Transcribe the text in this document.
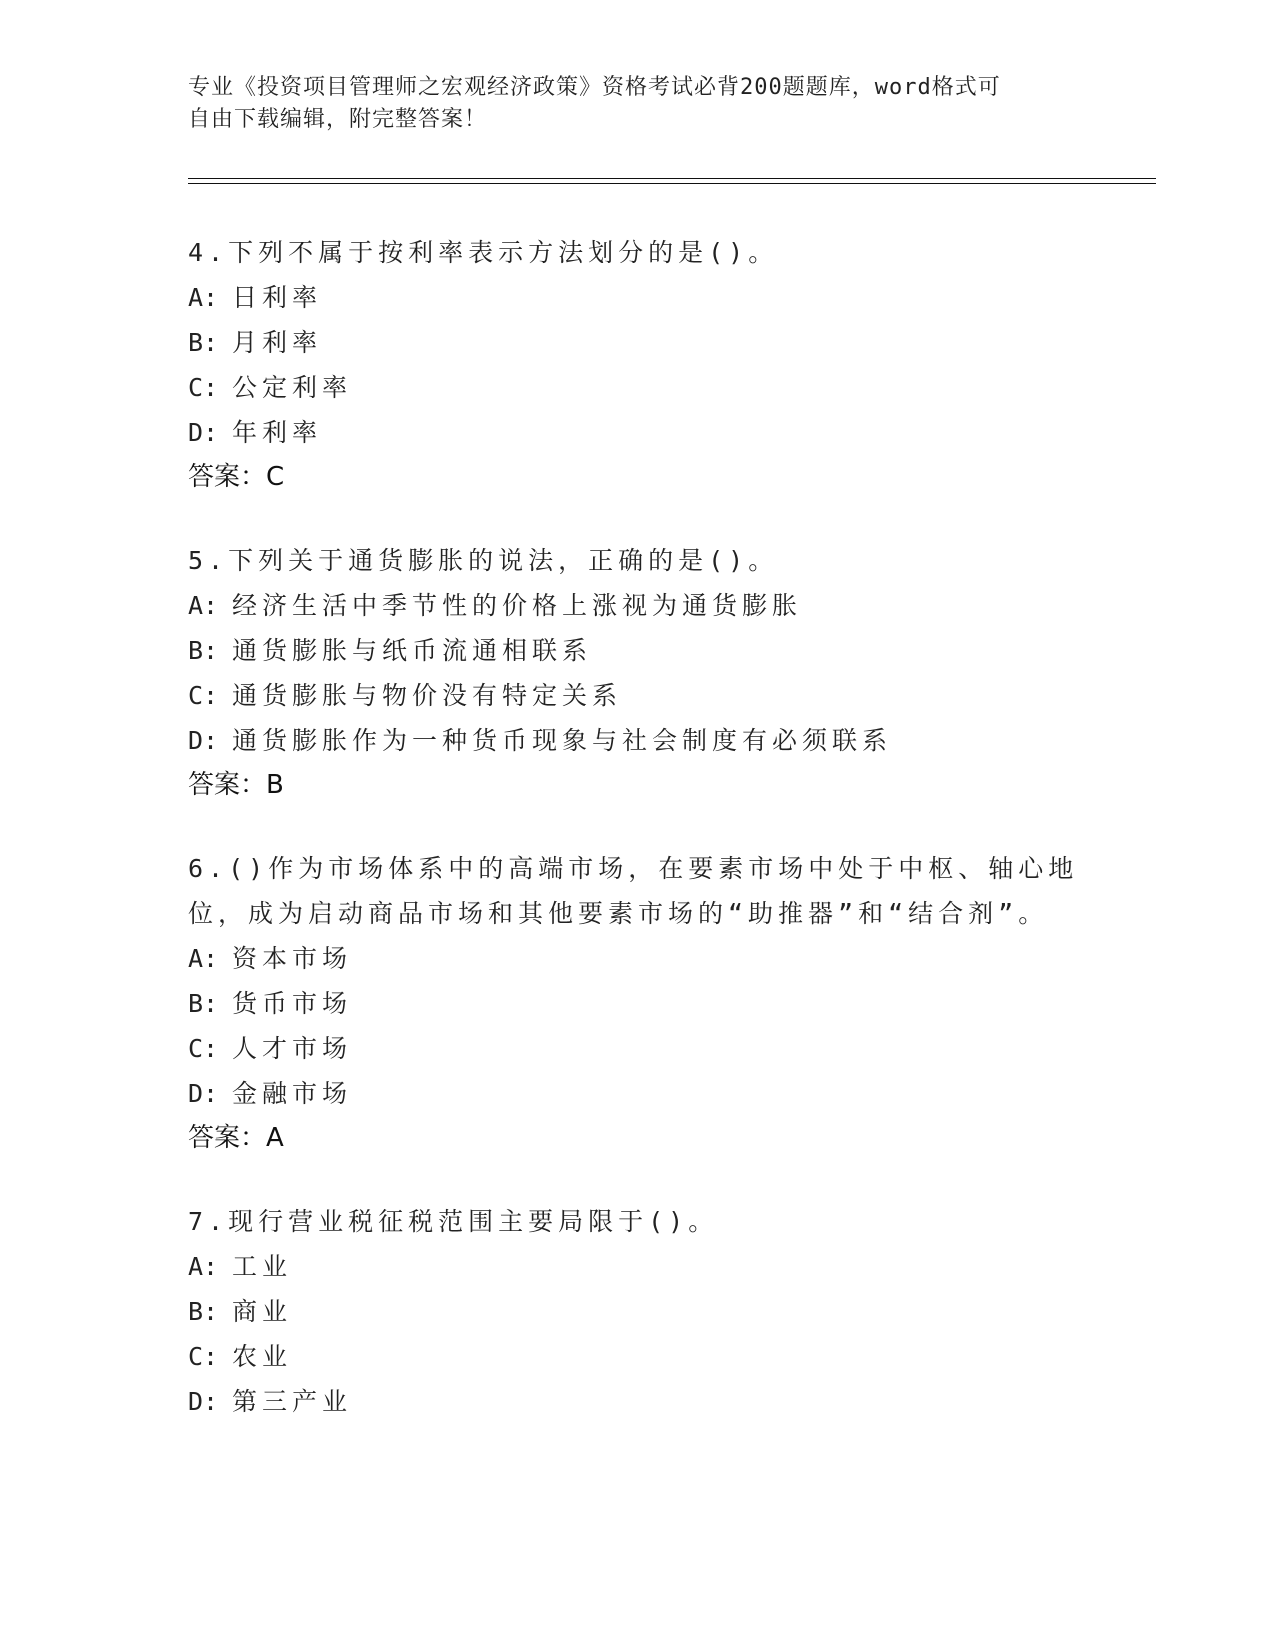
专业《投资项目管理师之宏观经济政策》资格考试必背200题题库，word格式可
自由下载编辑，附完整答案！

4.下列不属于按利率表示方法划分的是()。

A: 日利率

B: 月利率

C: 公定利率

D: 年利率

答案：C

5.下列关于通货膨胀的说法，正确的是()。

A: 经济生活中季节性的价格上涨视为通货膨胀

B: 通货膨胀与纸币流通相联系

C: 通货膨胀与物价没有特定关系

D: 通货膨胀作为一种货币现象与社会制度有必须联系

答案：B

6.()作为市场体系中的高端市场，在要素市场中处于中枢、轴心地位，成为启动商品市场和其他要素市场的“助推器”和“结合剂”。

A: 资本市场

B: 货币市场

C: 人才市场

D: 金融市场

答案：A

7.现行营业税征税范围主要局限于()。

A: 工业

B: 商业

C: 农业

D: 第三产业
